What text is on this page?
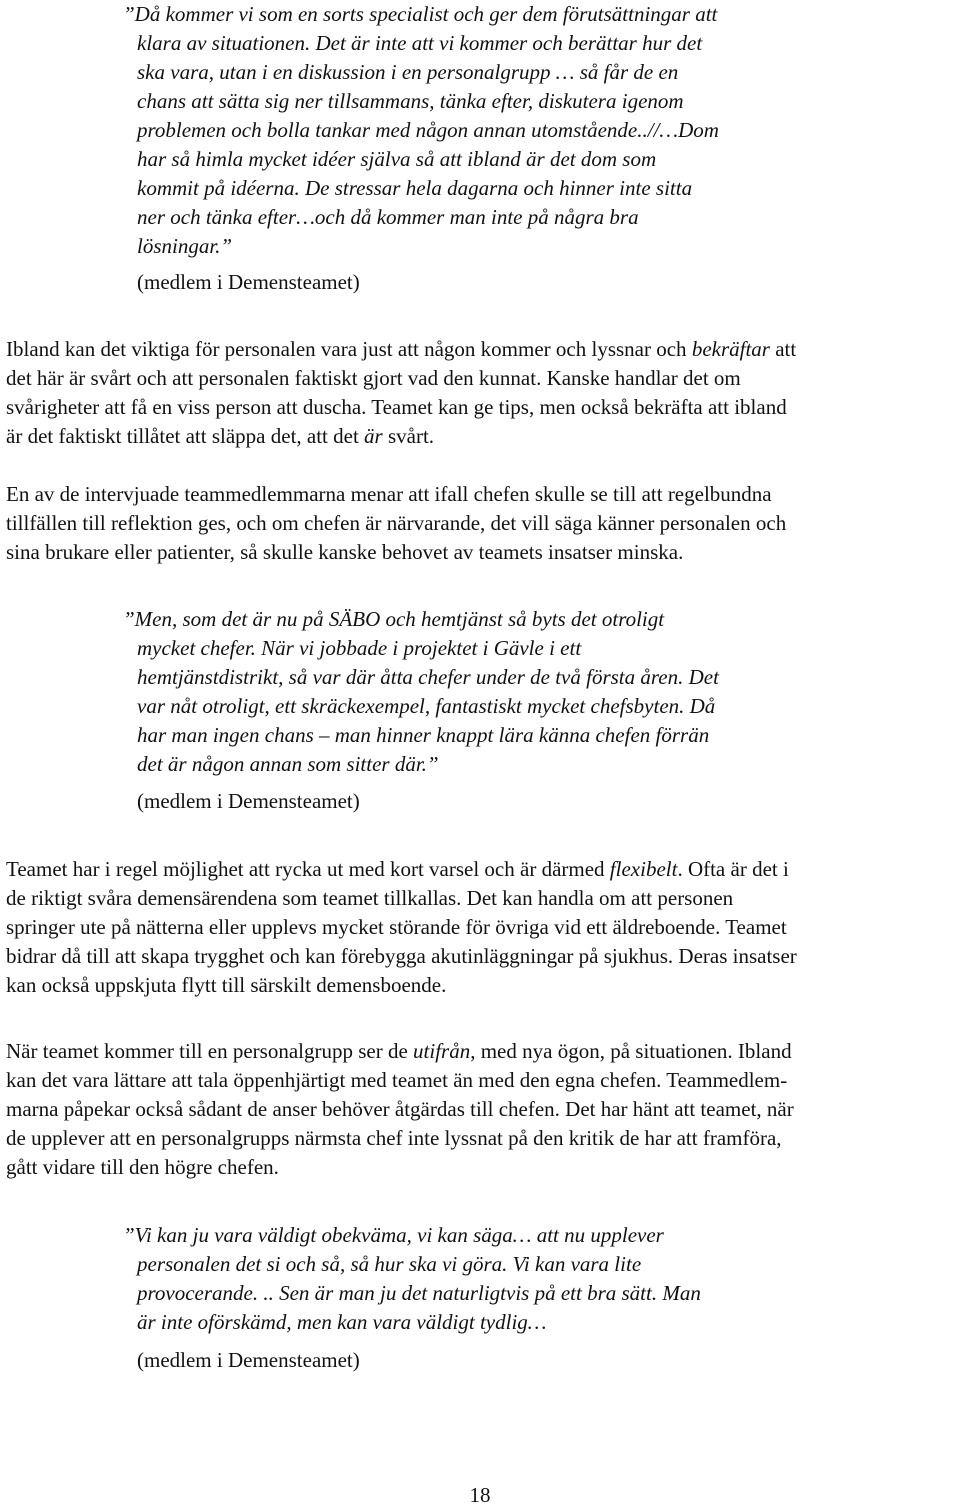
”Då kommer vi som en sorts specialist och ger dem förutsättningar att
klara av situationen. Det är inte att vi kommer och berättar hur det
ska vara, utan i en diskussion i en personalgrupp … så får de en
chans att sätta sig ner tillsammans, tänka efter, diskutera igenom
problemen och bolla tankar med någon annan utomstående..//…Dom
har så himla mycket idéer själva så att ibland är det dom som
kommit på idéerna. De stressar hela dagarna och hinner inte sitta
ner och tänka efter…och då kommer man inte på några bra
lösningar.”
(medlem i Demensteamet)
Ibland kan det viktiga för personalen vara just att någon kommer och lyssnar och bekräftar att
det här är svårt och att personalen faktiskt gjort vad den kunnat. Kanske handlar det om
svårigheter att få en viss person att duscha. Teamet kan ge tips, men också bekräfta att ibland
är det faktiskt tillåtet att släppa det, att det är svårt.
En av de intervjuade teammedlemmarna menar att ifall chefen skulle se till att regelbundna
tillfällen till reflektion ges, och om chefen är närvarande, det vill säga känner personalen och
sina brukare eller patienter, så skulle kanske behovet av teamets insatser minska.
”Men, som det är nu på SÄBO och hemtjänst så byts det otroligt
mycket chefer. När vi jobbade i projektet i Gävle i ett
hemtjänstdistrikt, så var där åtta chefer under de två första åren. Det
var nåt otroligt, ett skräckexempel, fantastiskt mycket chefsbyten. Då
har man ingen chans – man hinner knappt lära känna chefen förrän
det är någon annan som sitter där.”
(medlem i Demensteamet)
Teamet har i regel möjlighet att rycka ut med kort varsel och är därmed flexibelt. Ofta är det i
de riktigt svåra demensärendena som teamet tillkallas. Det kan handla om att personen
springer ute på nätterna eller upplevs mycket störande för övriga vid ett äldreboende. Teamet
bidrar då till att skapa trygghet och kan förebygga akutinläggningar på sjukhus. Deras insatser
kan också uppskjuta flytt till särskilt demensboende.
När teamet kommer till en personalgrupp ser de utifrån, med nya ögon, på situationen. Ibland
kan det vara lättare att tala öppenhjärtigt med teamet än med den egna chefen. Teammedlem-
marna påpekar också sådant de anser behöver åtgärdas till chefen. Det har hänt att teamet, när
de upplever att en personalgrupps närmsta chef inte lyssnat på den kritik de har att framföra,
gått vidare till den högre chefen.
”Vi kan ju vara väldigt obekväma, vi kan säga… att nu upplever
personalen det si och så, så hur ska vi göra. Vi kan vara lite
provocerande. .. Sen är man ju det naturligtvis på ett bra sätt. Man
är inte oförskämd, men kan vara väldigt tydlig…
(medlem i Demensteamet)
18
